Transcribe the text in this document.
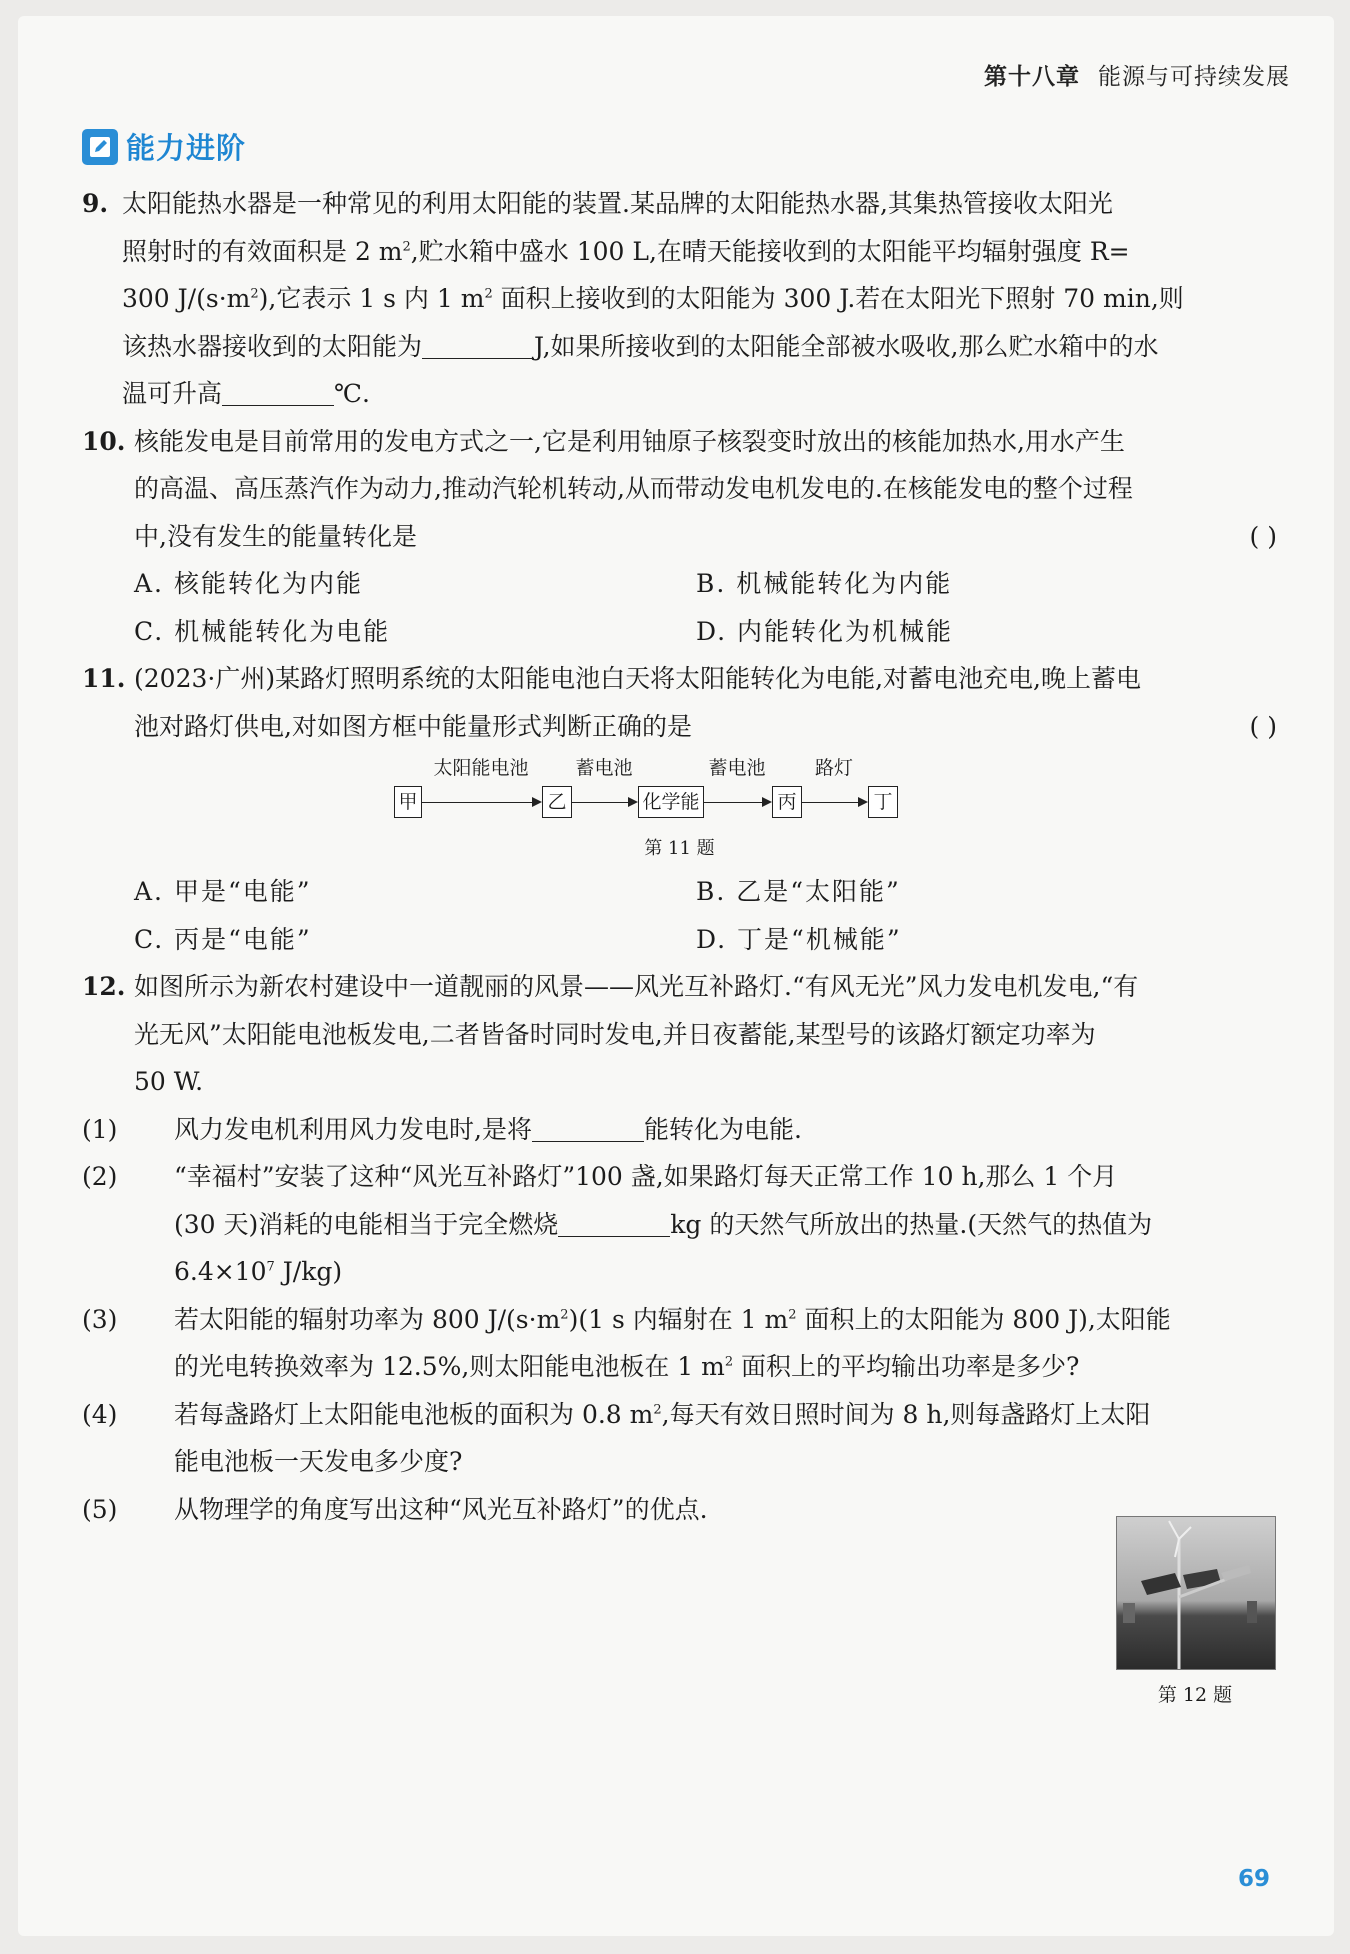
第十八章 能源与可持续发展
能力进阶
9. 太阳能热水器是一种常见的利用太阳能的装置.某品牌的太阳能热水器,其集热管接收太阳光
照射时的有效面积是 2 $m^2$,贮水箱中盛水 100 L,在晴天能接收到的太阳能平均辐射强度 R=
300 $J/(s\cdot m^2)$,它表示 1 s 内 1 $m^2$ 面积上接收到的太阳能为 300 J.若在太阳光下照射 70 min,则
该热水器接收到的太阳能为	J,如果所接收到的太阳能全部被水吸收,那么贮水箱中的水
温可升高	℃.
10. 核能发电是目前常用的发电方式之一,它是利用铀原子核裂变时放出的核能加热水,用水产生
的高温、高压蒸汽作为动力,推动汽轮机转动,从而带动发电机发电的.在核能发电的整个过程
中,没有发生的能量转化是	( )
A. 核能转化为内能	B. 机械能转化为内能
C. 机械能转化为电能	D. 内能转化为机械能
11. (2023·广州)某路灯照明系统的太阳能电池白天将太阳能转化为电能,对蓄电池充电,晚上蓄电
池对路灯供电,对如图方框中能量形式判断正确的是	( )
甲
太阳能电池
乙
蓄电池
化学能
蓄电池
丙
路灯
丁
第 11 题
A. 甲是“电能”	B. 乙是“太阳能”
C. 丙是“电能”	D. 丁是“机械能”
12. 如图所示为新农村建设中一道靓丽的风景——风光互补路灯.“有风无光”风力发电机发电,“有
光无风”太阳能电池板发电,二者皆备时同时发电,并日夜蓄能,某型号的该路灯额定功率为
50 W.
(1)	风力发电机利用风力发电时,是将	能转化为电能.
(2)	“幸福村”安装了这种“风光互补路灯”100 盏,如果路灯每天正常工作 10 h,那么 1 个月
(30 天)消耗的电能相当于完全燃烧	kg 的天然气所放出的热量.(天然气的热值为
$6.4\times 10^7$ J/kg)
(3)	若太阳能的辐射功率为 800 $J/(s\cdot m^2)(1$ s 内辐射在 1 $m^2$ 面积上的太阳能为 800 J),太阳能
的光电转换效率为 12.5%,则太阳能电池板在 1 $m^2$ 面积上的平均输出功率是多少?
(4)	若每盏路灯上太阳能电池板的面积为 0.8 $m^2$,每天有效日照时间为 8 h,则每盏路灯上太阳
能电池板一天发电多少度?
(5)	从物理学的角度写出这种“风光互补路灯”的优点.
第 12 题
69
